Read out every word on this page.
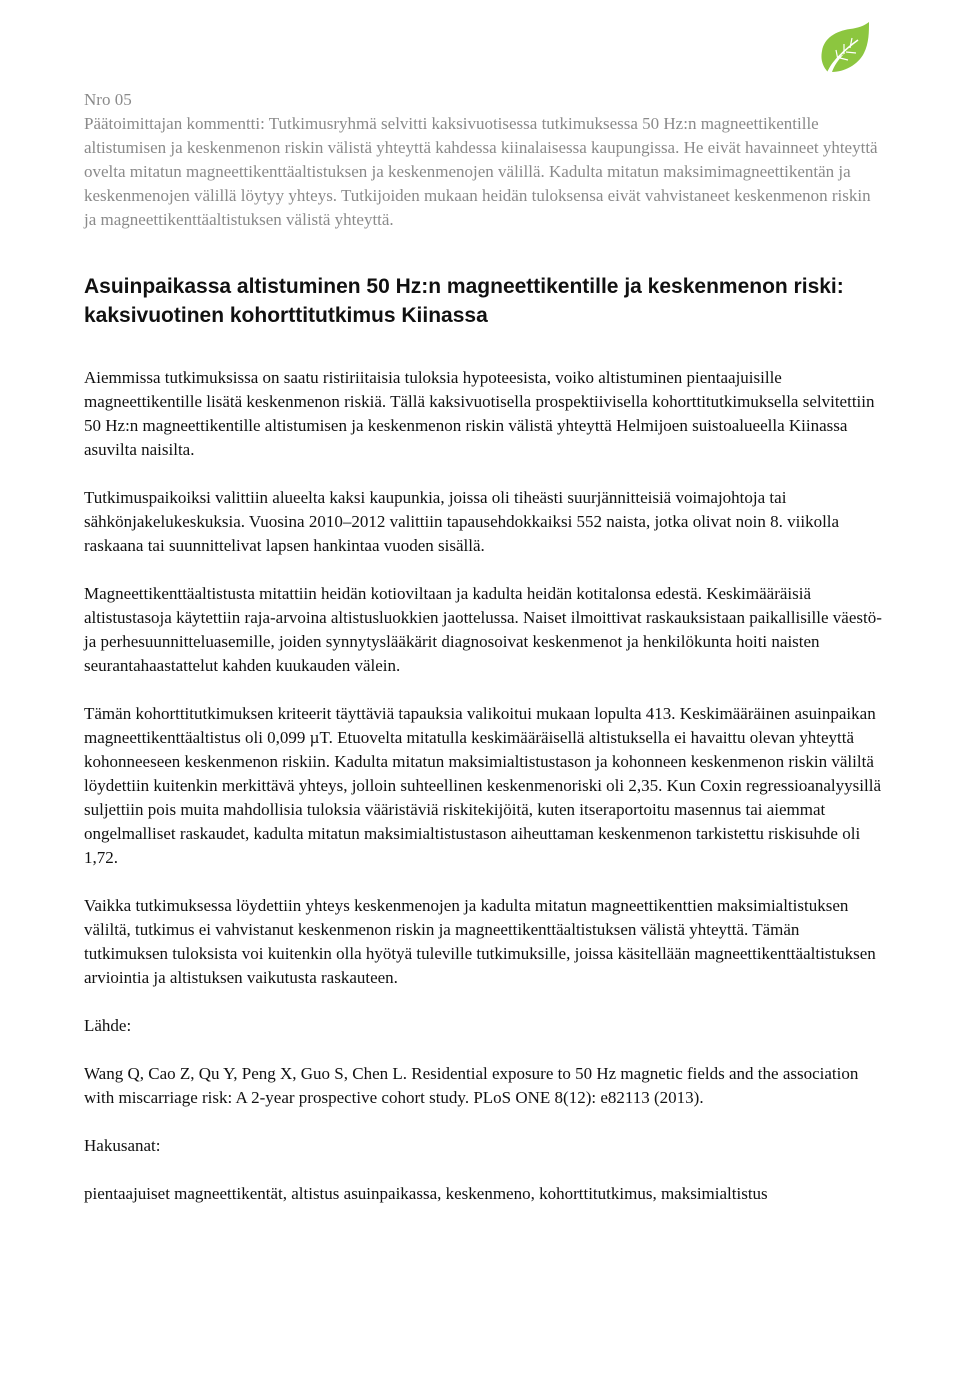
Nro 05

Päätoimittajan kommentti: Tutkimusryhmä selvitti kaksivuotisessa tutkimuksessa 50 Hz:n magneettikentille altistumisen ja keskenmenon riskin välistä yhteyttä kahdessa kiinalaisessa kaupungissa. He eivät havainneet yhteyttä ovelta mitatun magneettikenttäaltistuksen ja keskenmenojen välillä. Kadulta mitatun maksimimagneettikentän ja keskenmenojen välillä löytyy yhteys. Tutkijoiden mukaan heidän tuloksensa eivät vahvistaneet keskenmenon riskin ja magneettikenttäaltistuksen välistä yhteyttä.

Asuinpaikassa altistuminen 50 Hz:n magneettikentille ja keskenmenon riski: kaksivuotinen kohorttitutkimus Kiinassa

Aiemmissa tutkimuksissa on saatu ristiriitaisia tuloksia hypoteesista, voiko altistuminen pientaajuisille magneettikentille lisätä keskenmenon riskiä. Tällä kaksivuotisella prospektiivisella kohorttitutkimuksella selvitettiin 50 Hz:n magneettikentille altistumisen ja keskenmenon riskin välistä yhteyttä Helmijoen suistoalueella Kiinassa asuvilta naisilta.

Tutkimuspaikoiksi valittiin alueelta kaksi kaupunkia, joissa oli tiheästi suurjännitteisiä voimajohtoja tai sähkönjakelukeskuksia. Vuosina 2010–2012 valittiin tapausehdokkaiksi 552 naista, jotka olivat noin 8. viikolla raskaana tai suunnittelivat lapsen hankintaa vuoden sisällä.

Magneettikenttäaltistusta mitattiin heidän kotioviltaan ja kadulta heidän kotitalonsa edestä. Keskimääräisiä altistustasoja käytettiin raja-arvoina altistusluokkien jaottelussa. Naiset ilmoittivat raskauksistaan paikallisille väestö- ja perhesuunnitteluasemille, joiden synnytyslääkärit diagnosoivat keskenmenot ja henkilökunta hoiti naisten seurantahaastattelut kahden kuukauden välein.

Tämän kohorttitutkimuksen kriteerit täyttäviä tapauksia valikoitui mukaan lopulta 413. Keskimääräinen asuinpaikan magneettikenttäaltistus oli 0,099 µT. Etuovelta mitatulla keskimääräisellä altistuksella ei havaittu olevan yhteyttä kohonneeseen keskenmenon riskiin. Kadulta mitatun maksimialtistustason ja kohonneen keskenmenon riskin väliltä löydettiin kuitenkin merkittävä yhteys, jolloin suhteellinen keskenmenoriski oli 2,35. Kun Coxin regressioanalyysillä suljettiin pois muita mahdollisia tuloksia vääristäviä riskitekijöitä, kuten itseraportoitu masennus tai aiemmat ongelmalliset raskaudet, kadulta mitatun maksimialtistustason aiheuttaman keskenmenon tarkistettu riskisuhde oli 1,72.

Vaikka tutkimuksessa löydettiin yhteys keskenmenojen ja kadulta mitatun magneettikenttien maksimialtistuksen väliltä, tutkimus ei vahvistanut keskenmenon riskin ja magneettikenttäaltistuksen välistä yhteyttä. Tämän tutkimuksen tuloksista voi kuitenkin olla hyötyä tuleville tutkimuksille, joissa käsitellään magneettikenttäaltistuksen arviointia ja altistuksen vaikutusta raskauteen.

Lähde:

Wang Q, Cao Z, Qu Y, Peng X, Guo S, Chen L. Residential exposure to 50 Hz magnetic fields and the association with miscarriage risk: A 2-year prospective cohort study. PLoS ONE 8(12): e82113 (2013).

Hakusanat:

pientaajuiset magneettikentät, altistus asuinpaikassa, keskenmeno, kohorttitutkimus, maksimialtistus
